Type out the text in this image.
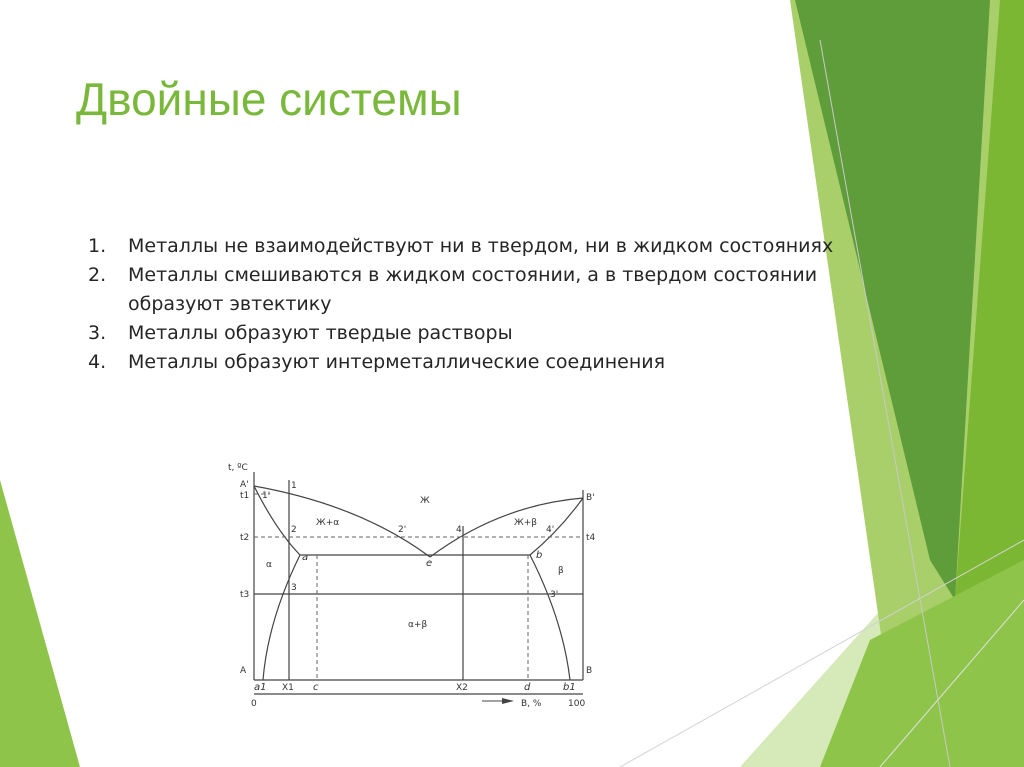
Двойные системы
1. Металлы не взаимодействуют ни в твердом, ни в жидком состояниях
2. Металлы смешиваются в жидком состоянии, а в твердом состоянии образуют эвтектику
3. Металлы образуют твердые растворы
4. Металлы образуют интерметаллические соединения
t, ºC
A'
t1
t2
t3
A
B'
t4
B
1
1'
2	2'
3
3'
4	4'
Ж
Ж+α	Ж+β
α
β
α+β
X1	X2
0	100
B, %
a	b
e
c	d
a1	b1
